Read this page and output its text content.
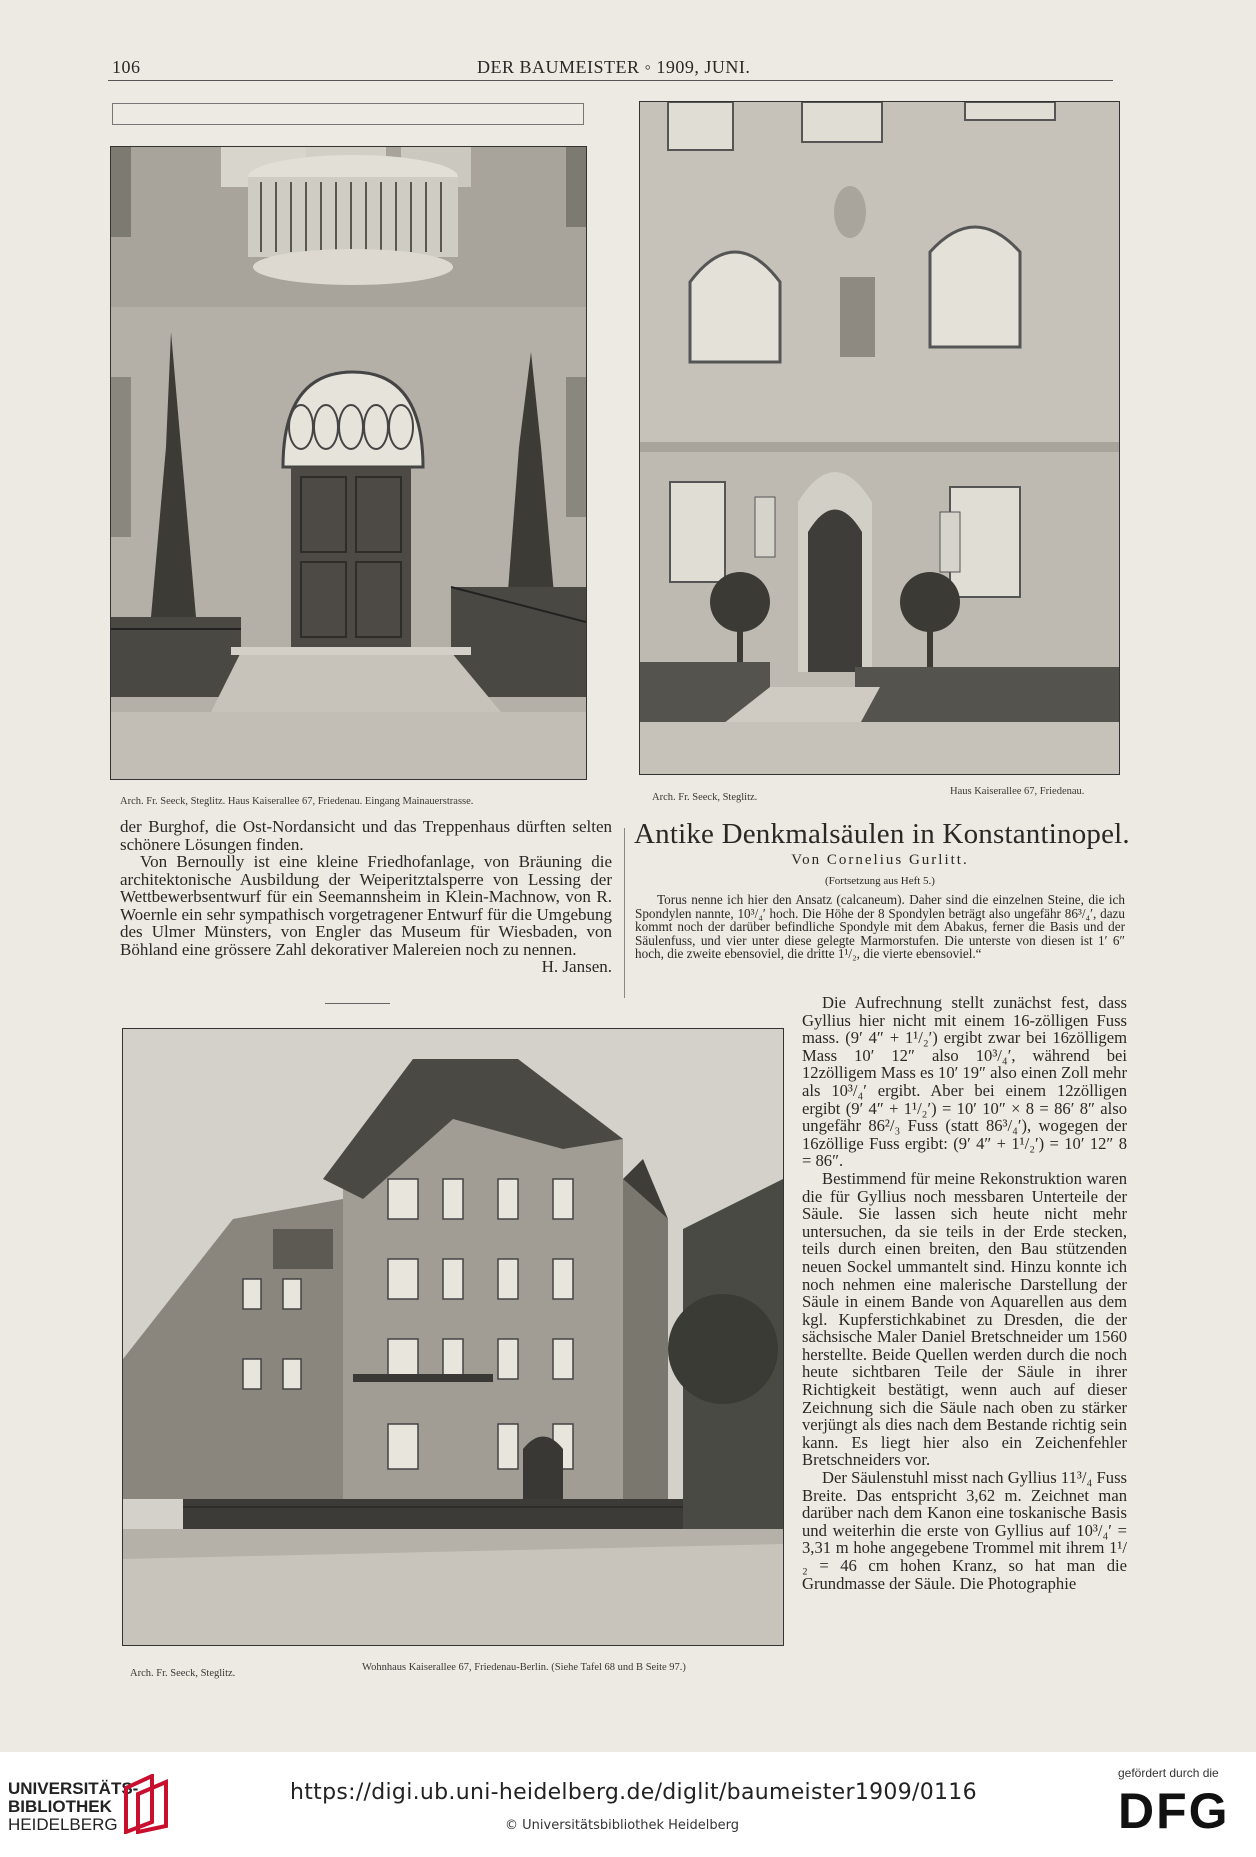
106	DER BAUMEISTER ◦ 1909, JUNI.
Arch. Fr. Seeck, Steglitz. Haus Kaiserallee 67, Friedenau. Eingang Mainauerstrasse.	Arch. Fr. Seeck, Steglitz.
Haus Kaiserallee 67, Friedenau.

der Burghof, die Ost-Nordansicht und das Treppenhaus dürften selten schönere Lösungen finden.

Von Bernoully ist eine kleine Friedhofanlage, von Bräuning die architektonische Ausbildung der Weiperitztalsperre von Lessing der Wettbewerbsentwurf für ein Seemannsheim in Klein-Machnow, von R. Woernle ein sehr sympathisch vorgetragener Entwurf für die Umgebung des Ulmer Münsters, von Engler das Museum für Wiesbaden, von Böhland eine grössere Zahl dekorativer Malereien noch zu nennen.

H. Jansen.

Antike Denkmalsäulen in Konstantinopel.
Von Cornelius Gurlitt.
(Fortsetzung aus Heft 5.)

Torus nenne ich hier den Ansatz (calcaneum). Daher sind die einzelnen Steine, die ich Spondylen nannte, 10³/₄′ hoch. Die Höhe der 8 Spondylen beträgt also ungefähr 86³/₄′, dazu kommt noch der darüber befindliche Spondyle mit dem Abakus, ferner die Basis und der Säulenfuss, und vier unter diese gelegte Marmorstufen. Die unterste von diesen ist 1′ 6″ hoch, die zweite ebensoviel, die dritte 1¹/₂, die vierte ebensoviel.“

Arch. Fr. Seeck, Steglitz.
Wohnhaus Kaiserallee 67, Friedenau-Berlin. (Siehe Tafel 68 und B Seite 97.)

Die Aufrechnung stellt zunächst fest, dass Gyllius hier nicht mit einem 16-zölligen Fuss mass. (9′ 4″ + 1¹/₂′) ergibt zwar bei 16zölligem Mass 10′ 12″ also 10³/₄′, während bei 12zölligem Mass es 10′ 19″ also einen Zoll mehr als 10³/₄′ ergibt. Aber bei einem 12zölligen ergibt (9′ 4″ + 1¹/₂′) = 10′ 10″ × 8 = 86′ 8″ also ungefähr 86²/₃ Fuss (statt 86³/₄′), wogegen der 16zöllige Fuss ergibt: (9′ 4″ + 1¹/₂′) = 10′ 12″ 8 = 86″.

Bestimmend für meine Rekonstruktion waren die für Gyllius noch messbaren Unterteile der Säule. Sie lassen sich heute nicht mehr untersuchen, da sie teils in der Erde stecken, teils durch einen breiten, den Bau stützenden neuen Sockel ummantelt sind. Hinzu konnte ich noch nehmen eine malerische Darstellung der Säule in einem Bande von Aquarellen aus dem kgl. Kupferstichkabinet zu Dresden, die der sächsische Maler Daniel Bretschneider um 1560 herstellte. Beide Quellen werden durch die noch heute sichtbaren Teile der Säule in ihrer Richtigkeit bestätigt, wenn auch auf dieser Zeichnung sich die Säule nach oben zu stärker verjüngt als dies nach dem Bestande richtig sein kann. Es liegt hier also ein Zeichenfehler Bretschneiders vor.

Der Säulenstuhl misst nach Gyllius 11³/₄ Fuss Breite. Das entspricht 3,62 m. Zeichnet man darüber nach dem Kanon eine toskanische Basis und weiterhin die erste von Gyllius auf 10³/₄′ = 3,31 m hohe angegebene Trommel mit ihrem 1¹/₂ = 46 cm hohen Kranz, so hat man die Grundmasse der Säule. Die Photographie

UNIVERSITÄTS-
BIBLIOTHEK
HEIDELBERG
https://digi.ub.uni-heidelberg.de/diglit/baumeister1909/0116
© Universitätsbibliothek Heidelberg
gefördert durch die
DFG
